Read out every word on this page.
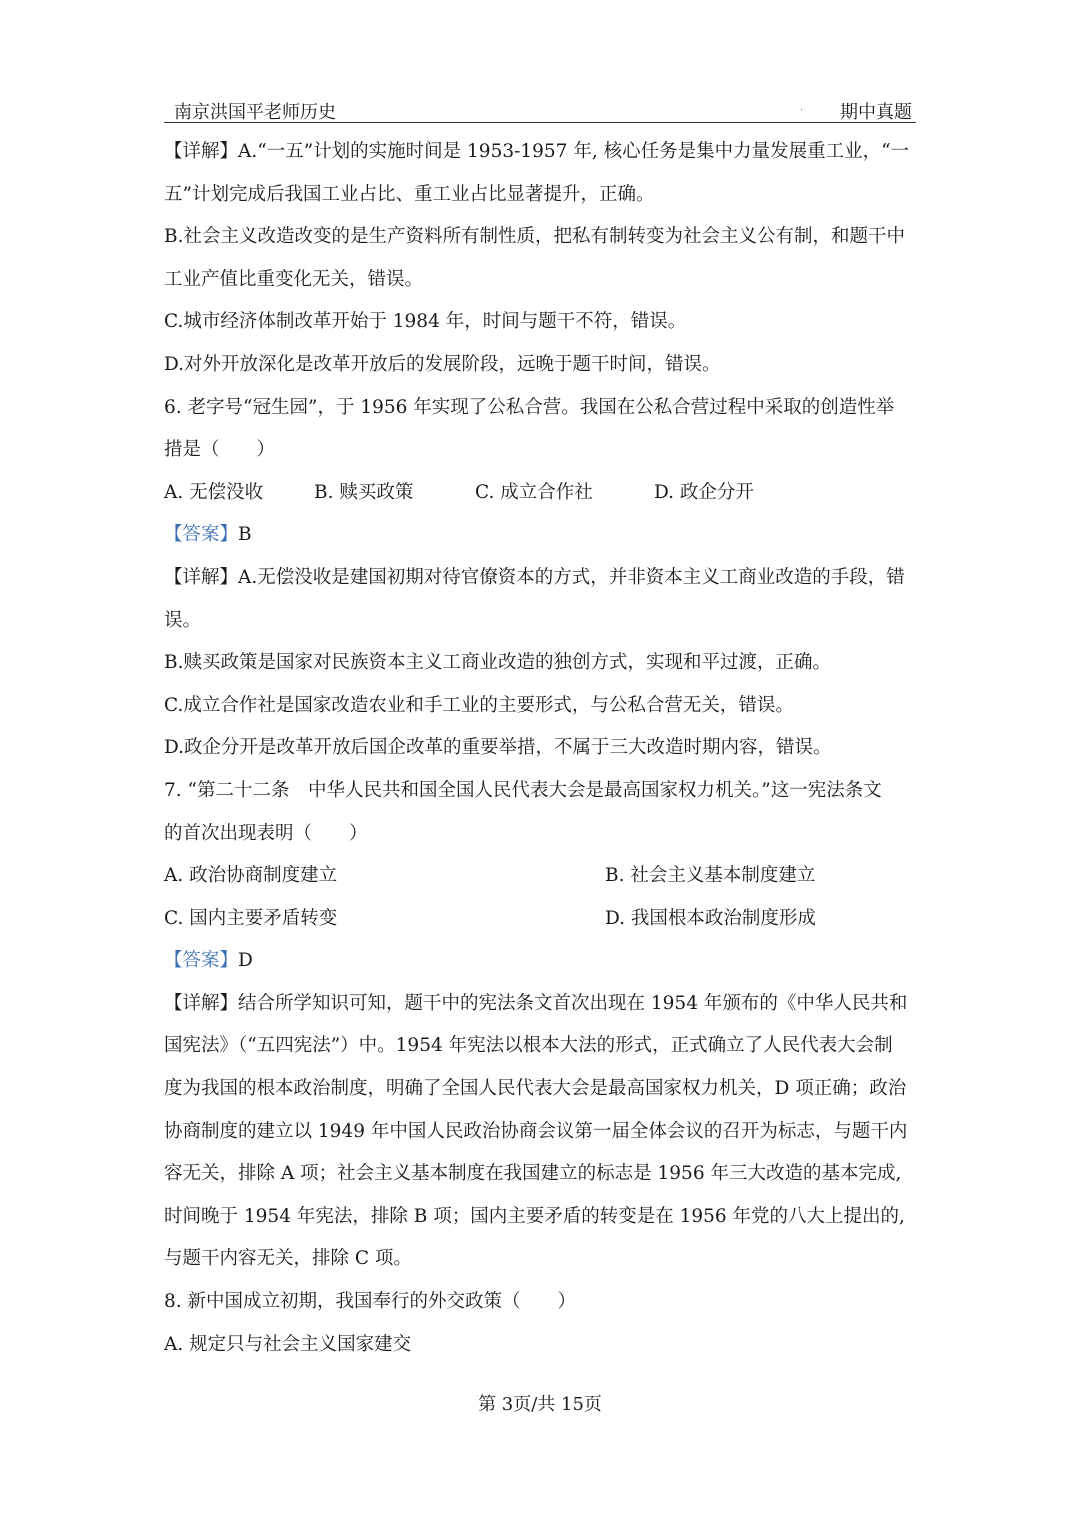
南京洪国平老师历史	. 期中真题
【详解】A.“一五”计划的实施时间是 1953-1957 年, 核心任务是集中力量发展重工业，“一
五”计划完成后我国工业占比、重工业占比显著提升，正确。
B.社会主义改造改变的是生产资料所有制性质，把私有制转变为社会主义公有制，和题干中
工业产值比重变化无关，错误。
C.城市经济体制改革开始于 1984 年，时间与题干不符，错误。
D.对外开放深化是改革开放后的发展阶段，远晚于题干时间，错误。
6. 老字号“冠生园”，于 1956 年实现了公私合营。我国在公私合营过程中采取的创造性举
措是（　　）
A. 无偿没收	B. 赎买政策	C. 成立合作社	D. 政企分开
【答案】B
【详解】A.无偿没收是建国初期对待官僚资本的方式，并非资本主义工商业改造的手段，错
误。
B.赎买政策是国家对民族资本主义工商业改造的独创方式，实现和平过渡，正确。
C.成立合作社是国家改造农业和手工业的主要形式，与公私合营无关，错误。
D.政企分开是改革开放后国企改革的重要举措，不属于三大改造时期内容，错误。
7. “第二十二条　中华人民共和国全国人民代表大会是最高国家权力机关。”这一宪法条文
的首次出现表明（　　）
A. 政治协商制度建立	B. 社会主义基本制度建立
C. 国内主要矛盾转变	D. 我国根本政治制度形成
【答案】D
【详解】结合所学知识可知，题干中的宪法条文首次出现在 1954 年颁布的《中华人民共和
国宪法》（“五四宪法”）中。1954 年宪法以根本大法的形式，正式确立了人民代表大会制
度为我国的根本政治制度，明确了全国人民代表大会是最高国家权力机关，D 项正确；政治
协商制度的建立以 1949 年中国人民政治协商会议第一届全体会议的召开为标志，与题干内
容无关，排除 A 项；社会主义基本制度在我国建立的标志是 1956 年三大改造的基本完成,
时间晚于 1954 年宪法，排除 B 项；国内主要矛盾的转变是在 1956 年党的八大上提出的,
与题干内容无关，排除 C 项。
8. 新中国成立初期，我国奉行的外交政策（　　）
A. 规定只与社会主义国家建交
第 3页/共 15页
